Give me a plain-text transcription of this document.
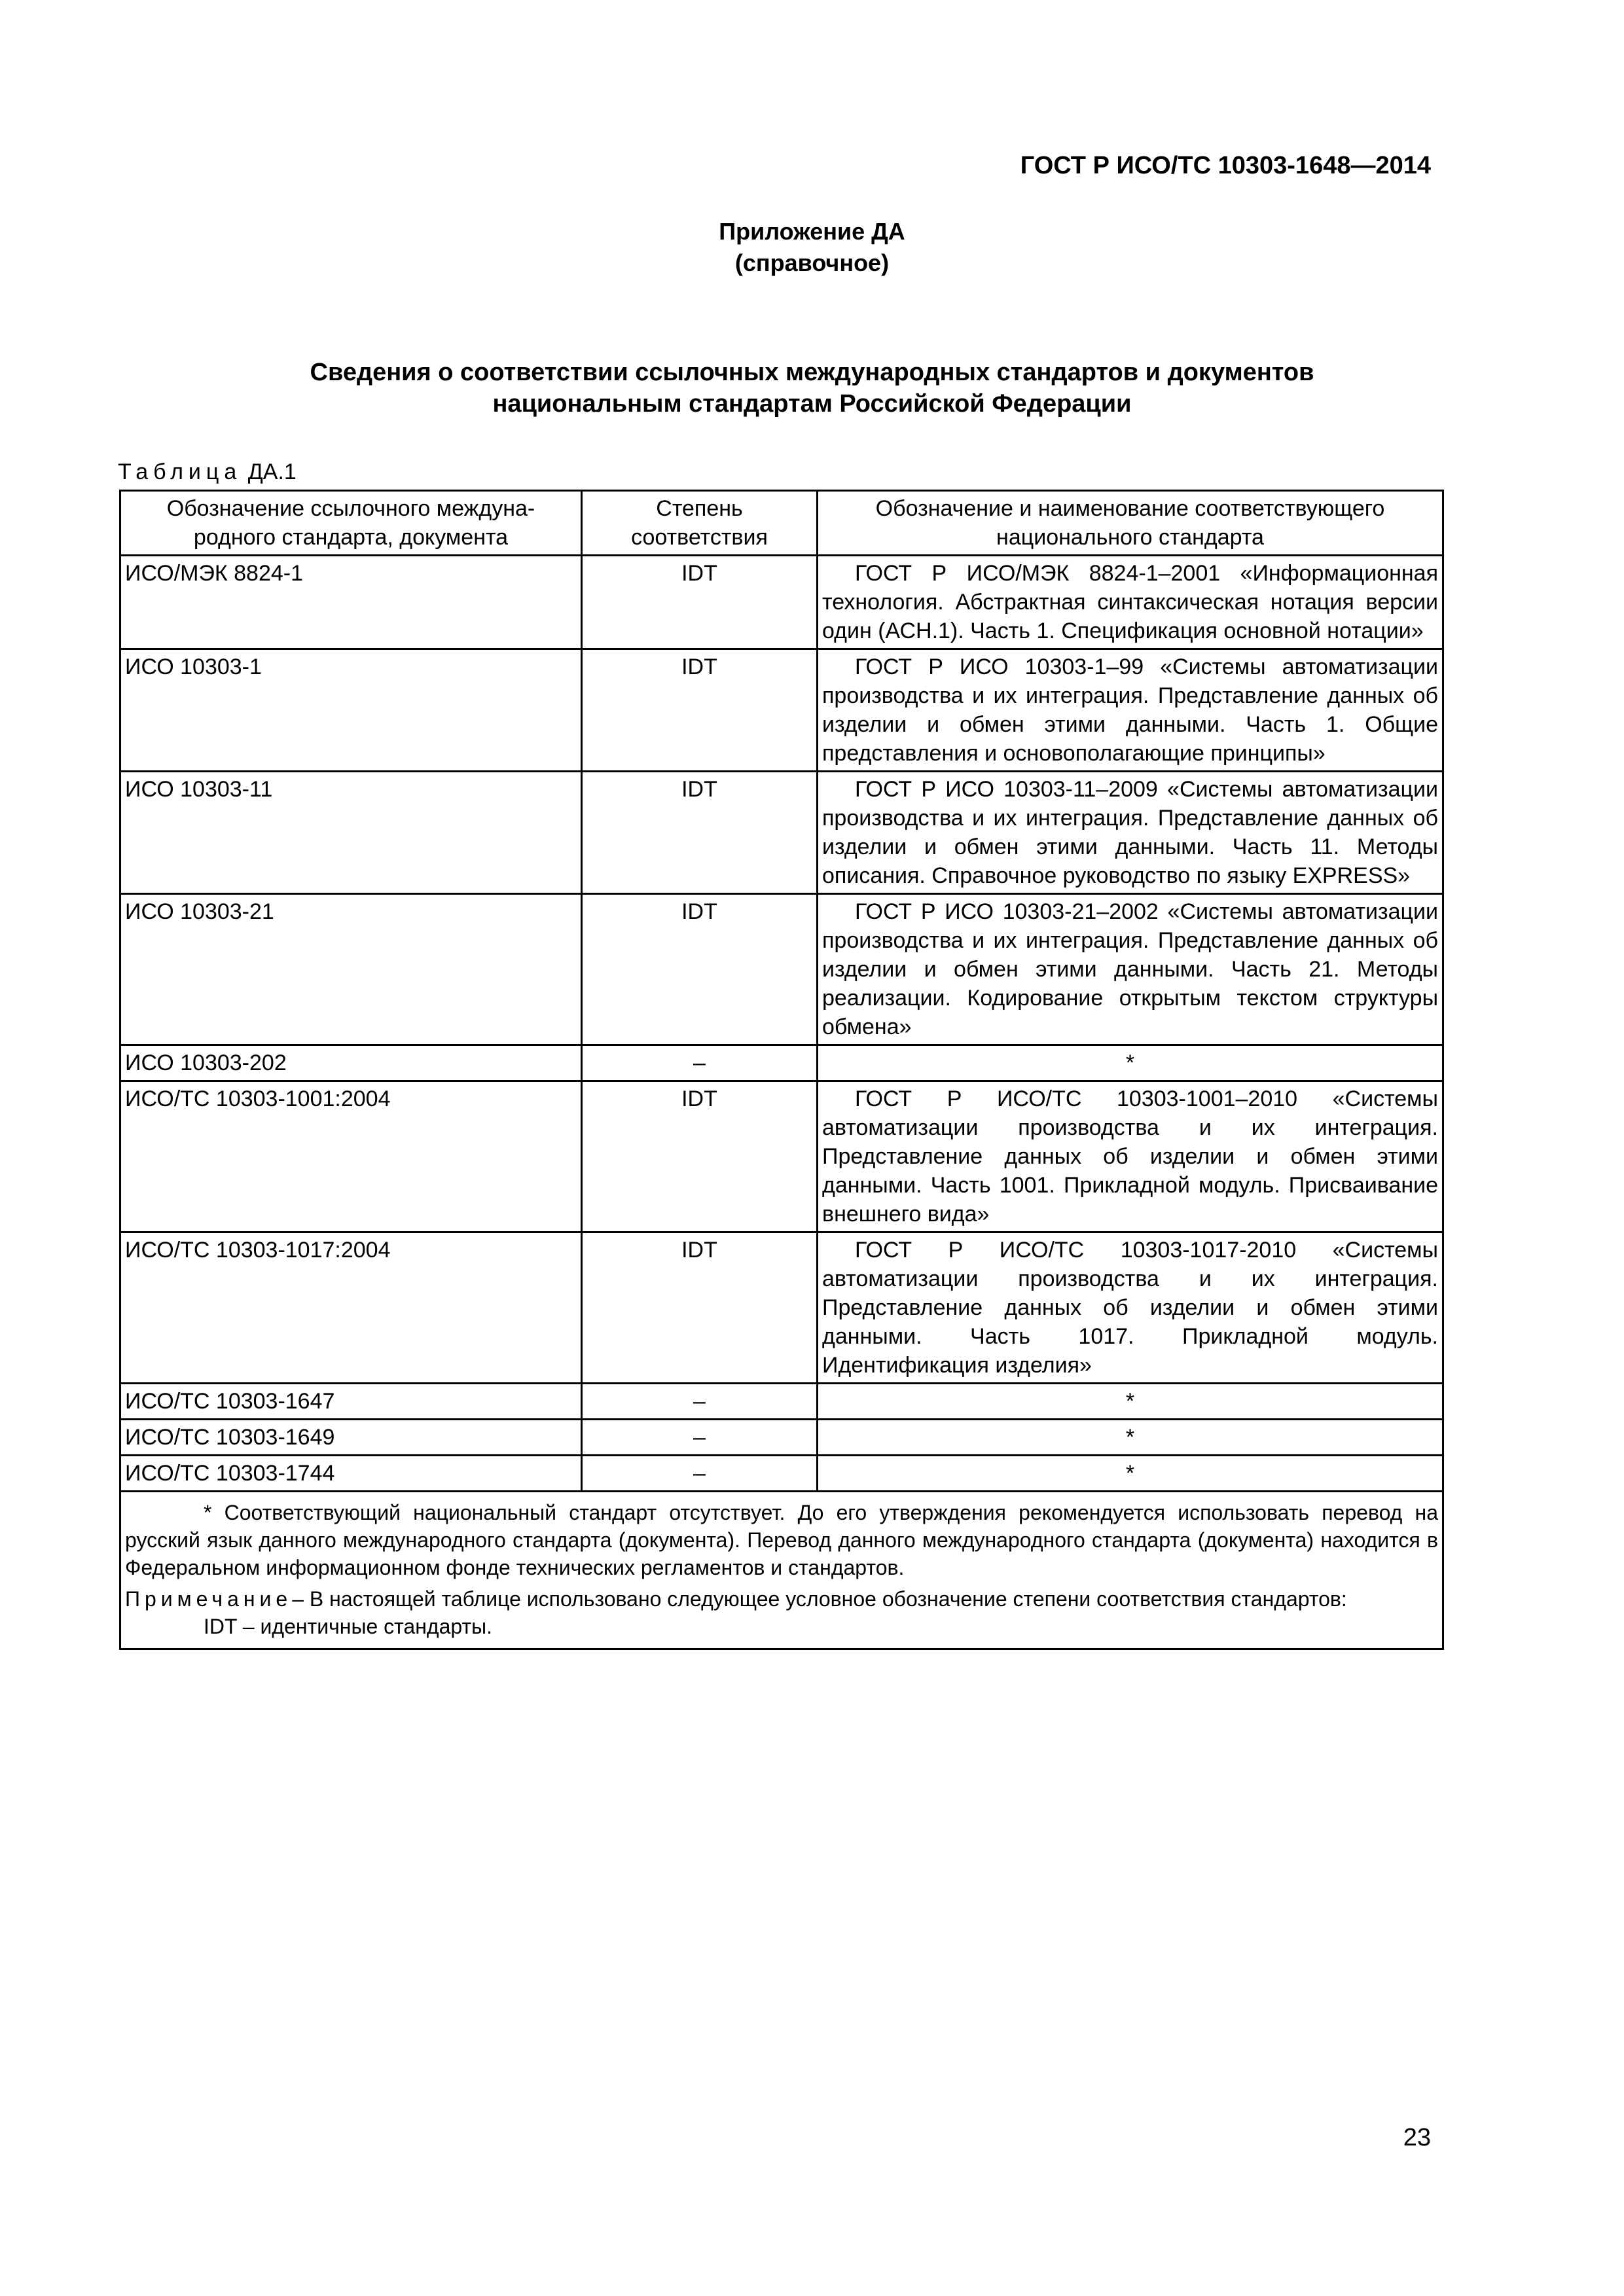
ГОСТ Р ИСО/ТС 10303-1648—2014
Приложение ДА
(справочное)
Сведения о соответствии ссылочных международных стандартов и документов
национальным стандартам Российской Федерации
Таблица ДА.1
Обозначение ссылочного междуна-родного стандарта, документа	Степень соответствия	Обозначение и наименование соответствующего национального стандарта
ИСО/МЭК 8824-1	IDT	ГОСТ Р ИСО/МЭК 8824-1–2001 «Информационная технология. Абстрактная синтаксическая нотация версии один (АСН.1). Часть 1. Спецификация основной нотации»
ИСО 10303-1	IDT	ГОСТ Р ИСО 10303-1–99 «Системы автоматизации производства и их интеграция. Представление данных об изделии и обмен этими данными. Часть 1. Общие представления и основополагающие принципы»
ИСО 10303-11	IDT	ГОСТ Р ИСО 10303-11–2009 «Системы автоматизации производства и их интеграция. Представление данных об изделии и обмен этими данными. Часть 11. Методы описания. Справочное руководство по языку EXPRESS»
ИСО 10303-21	IDT	ГОСТ Р ИСО 10303-21–2002 «Системы автоматизации производства и их интеграция. Представление данных об изделии и обмен этими данными. Часть 21. Методы реализации. Кодирование открытым текстом структуры обмена»
ИСО 10303-202	–	*
ИСО/ТС 10303-1001:2004	IDT	ГОСТ Р ИСО/ТС 10303-1001–2010 «Системы автоматизации производства и их интеграция. Представление данных об изделии и обмен этими данными. Часть 1001. Прикладной модуль. Присваивание внешнего вида»
ИСО/ТС 10303-1017:2004	IDT	ГОСТ Р ИСО/ТС 10303-1017-2010 «Системы автоматизации производства и их интеграция. Представление данных об изделии и обмен этими данными. Часть 1017. Прикладной модуль. Идентификация изделия»
ИСО/ТС 10303-1647	–	*
ИСО/ТС 10303-1649	–	*
ИСО/ТС 10303-1744	–	*

* Соответствующий национальный стандарт отсутствует. До его утверждения рекомендуется использовать перевод на русский язык данного международного стандарта (документа). Перевод данного международного стандарта (документа) находится в Федеральном информационном фонде технических регламентов и стандартов.

Примечание– В настоящей таблице использовано следующее условное обозначение степени соответствия стандартов:

IDT – идентичные стандарты.		

23
